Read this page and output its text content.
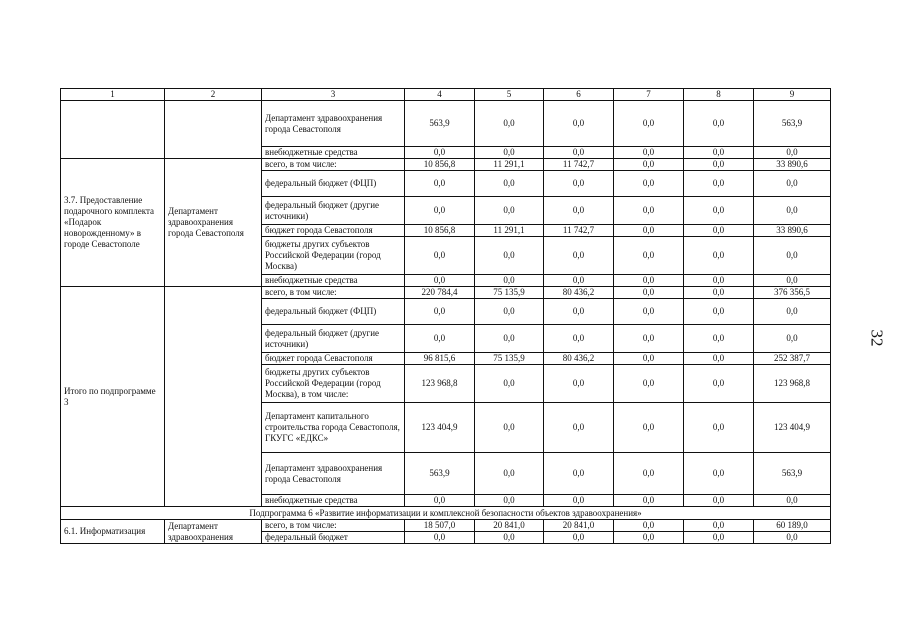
1	2	3	4	5	6	7	8	9
		Департамент здравоохранения города Севастополя	563,9	0,0	0,0	0,0	0,0	563,9
		внебюджетные средства	0,0	0,0	0,0	0,0	0,0	0,0
3.7. Предоставление подарочного комплекта «Подарок новорожденному» в городе Севастополе	Департамент здравоохранения города Севастополя	всего, в том числе:	10 856,8	11 291,1	11 742,7	0,0	0,0	33 890,6
		федеральный бюджет (ФЦП)	0,0	0,0	0,0	0,0	0,0	0,0
		федеральный бюджет (другие источники)	0,0	0,0	0,0	0,0	0,0	0,0
		бюджет города Севастополя	10 856,8	11 291,1	11 742,7	0,0	0,0	33 890,6
		бюджеты других субъектов Российской Федерации (город Москва)	0,0	0,0	0,0	0,0	0,0	0,0
		внебюджетные средства	0,0	0,0	0,0	0,0	0,0	0,0
Итого по подпрограмме 3		всего, в том числе:	220 784,4	75 135,9	80 436,2	0,0	0,0	376 356,5
		федеральный бюджет (ФЦП)	0,0	0,0	0,0	0,0	0,0	0,0
		федеральный бюджет (другие источники)	0,0	0,0	0,0	0,0	0,0	0,0
		бюджет города Севастополя	96 815,6	75 135,9	80 436,2	0,0	0,0	252 387,7
		бюджеты других субъектов Российской Федерации (город Москва), в том числе:	123 968,8	0,0	0,0	0,0	0,0	123 968,8
		Департамент капитального строительства города Севастополя, ГКУГС «ЕДКС»	123 404,9	0,0	0,0	0,0	0,0	123 404,9
		Департамент здравоохранения города Севастополя	563,9	0,0	0,0	0,0	0,0	563,9
		внебюджетные средства	0,0	0,0	0,0	0,0	0,0	0,0
Подпрограмма 6 «Развитие информатизации и комплексной безопасности объектов здравоохранения»								
6.1. Информатизация	Департамент здравоохранения	всего, в том числе:	18 507,0	20 841,0	20 841,0	0,0	0,0	60 189,0
		федеральный бюджет	0,0	0,0	0,0	0,0	0,0	0,0
32
